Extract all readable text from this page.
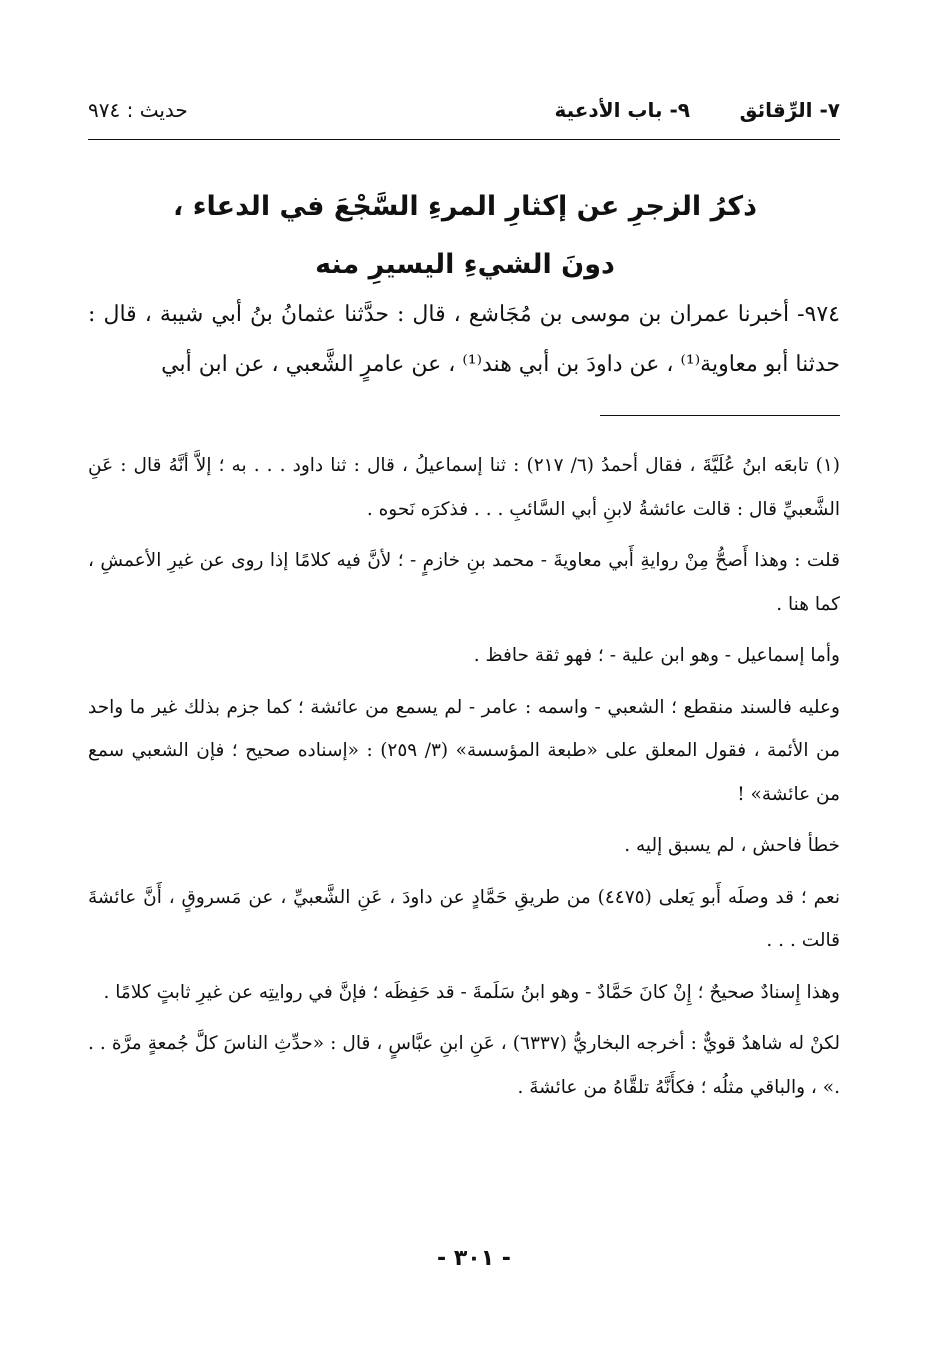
٧- الرِّقائق
٩- باب الأدعية
حديث : ٩٧٤
ذكرُ الزجرِ عن إكثارِ المرءِ السَّجْعَ في الدعاء ، دونَ الشيءِ اليسيرِ منه

٩٧٤- أخبرنا عمران بن موسى بن مُجَاشع ، قال : حدَّثنا عثمانُ بنُ أبي شيبة ، قال : حدثنا أبو معاوية⁽¹⁾ ، عن داودَ بن أبي هند⁽¹⁾ ، عن عامرٍ الشَّعبي ، عن ابن أبي

(١) تابعَه ابنُ عُلَيَّةَ ، فقال أحمدُ (٦/ ٢١٧) : ثنا إسماعيلُ ، قال : ثنا داود . . . به ؛ إلاَّ أنَّهُ قال : عَنِ الشَّعبيِّ قال : قالت عائشةُ لابنِ أبي السَّائبِ . . . فذكرَه نَحوه .

قلت : وهذا أَصحُّ مِنْ روايةِ أَبي معاويةَ - محمد بنِ خازمٍ - ؛ لأنَّ فيه كلامًا إذا روى عن غيرِ الأعمشِ ، كما هنا .

وأما إسماعيل - وهو ابن علية - ؛ فهو ثقة حافظ .

وعليه فالسند منقطع ؛ الشعبي - واسمه : عامر - لم يسمع من عائشة ؛ كما جزم بذلك غير ما واحد من الأئمة ، فقول المعلق على «طبعة المؤسسة» (٣/ ٢٥٩) : «إسناده صحيح ؛ فإن الشعبي سمع من عائشة» !

خطأ فاحش ، لم يسبق إليه .

نعم ؛ قد وصلَه أَبو يَعلى (٤٤٧٥) من طريقِ حَمَّادٍ عن داودَ ، عَنِ الشَّعبيِّ ، عن مَسروقٍ ، أَنَّ عائشةَ قالت . . .

وهذا إِسنادٌ صحيحٌ ؛ إِنْ كانَ حَمَّادٌ - وهو ابنُ سَلَمةَ - قد حَفِظَه ؛ فإنَّ في روايتِه عن غيرِ ثابتٍ كلامًا .

لكنْ له شاهدٌ قويٌّ : أخرجه البخاريُّ (٦٣٣٧) ، عَنِ ابنِ عبَّاسٍ ، قال : «حدِّثِ الناسَ كلَّ جُمعةٍ مرَّة . . .» ، والباقي مثلُه ؛ فكأَنَّهُ تلقَّاهُ من عائشةَ .

- ٣٠١ -
